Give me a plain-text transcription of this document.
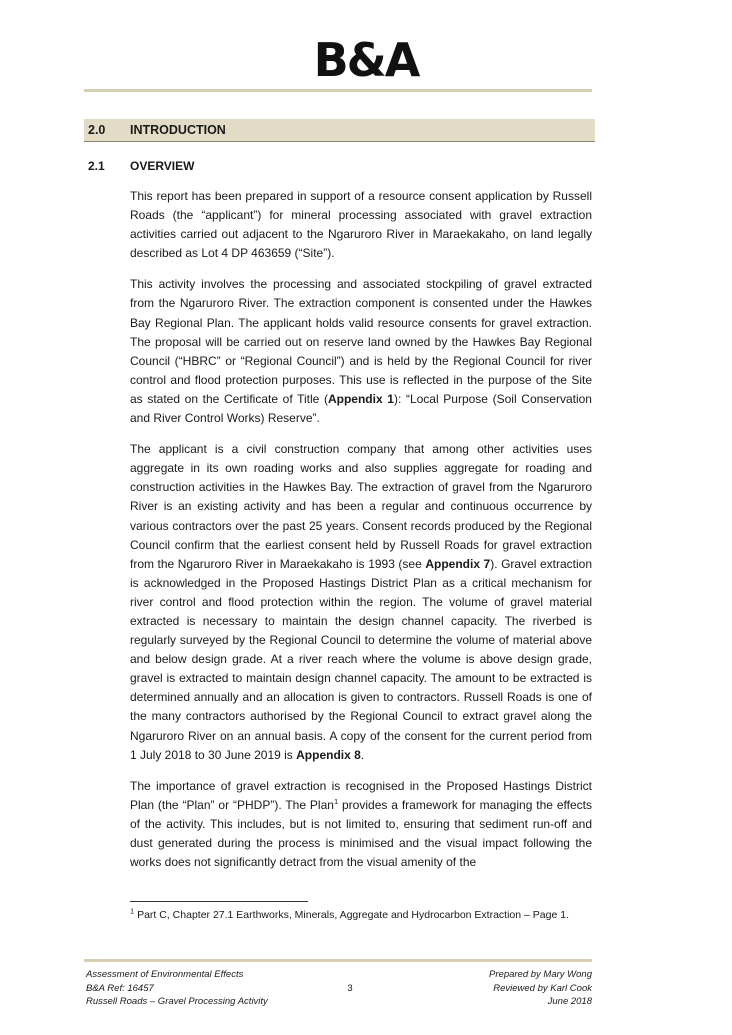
B&A
2.0 INTRODUCTION
2.1 OVERVIEW

This report has been prepared in support of a resource consent application by Russell Roads (the “applicant”) for mineral processing associated with gravel extraction activities carried out adjacent to the Ngaruroro River in Maraekakaho, on land legally described as Lot 4 DP 463659 (“Site”).

This activity involves the processing and associated stockpiling of gravel extracted from the Ngaruroro River. The extraction component is consented under the Hawkes Bay Regional Plan. The applicant holds valid resource consents for gravel extraction. The proposal will be carried out on reserve land owned by the Hawkes Bay Regional Council (“HBRC” or “Regional Council”) and is held by the Regional Council for river control and flood protection purposes. This use is reflected in the purpose of the Site as stated on the Certificate of Title (Appendix 1): “Local Purpose (Soil Conservation and River Control Works) Reserve”.

The applicant is a civil construction company that among other activities uses aggregate in its own roading works and also supplies aggregate for roading and construction activities in the Hawkes Bay. The extraction of gravel from the Ngaruroro River is an existing activity and has been a regular and continuous occurrence by various contractors over the past 25 years. Consent records produced by the Regional Council confirm that the earliest consent held by Russell Roads for gravel extraction from the Ngaruroro River in Maraekakaho is 1993 (see Appendix 7). Gravel extraction is acknowledged in the Proposed Hastings District Plan as a critical mechanism for river control and flood protection within the region. The volume of gravel material extracted is necessary to maintain the design channel capacity. The riverbed is regularly surveyed by the Regional Council to determine the volume of material above and below design grade. At a river reach where the volume is above design grade, gravel is extracted to maintain design channel capacity. The amount to be extracted is determined annually and an allocation is given to contractors. Russell Roads is one of the many contractors authorised by the Regional Council to extract gravel along the Ngaruroro River on an annual basis. A copy of the consent for the current period from 1 July 2018 to 30 June 2019 is Appendix 8.

The importance of gravel extraction is recognised in the Proposed Hastings District Plan (the “Plan” or “PHDP”). The Plan$^1$ provides a framework for managing the effects of the activity. This includes, but is not limited to, ensuring that sediment run-off and dust generated during the process is minimised and the visual impact following the works does not significantly detract from the visual amenity of the

$^1$ Part C, Chapter 27.1 Earthworks, Minerals, Aggregate and Hydrocarbon Extraction – Page 1.
Assessment of Environmental Effects
B&A Ref: 16457
Russell Roads – Gravel Processing Activity
3
Prepared by Mary Wong
Reviewed by Karl Cook
June 2018
